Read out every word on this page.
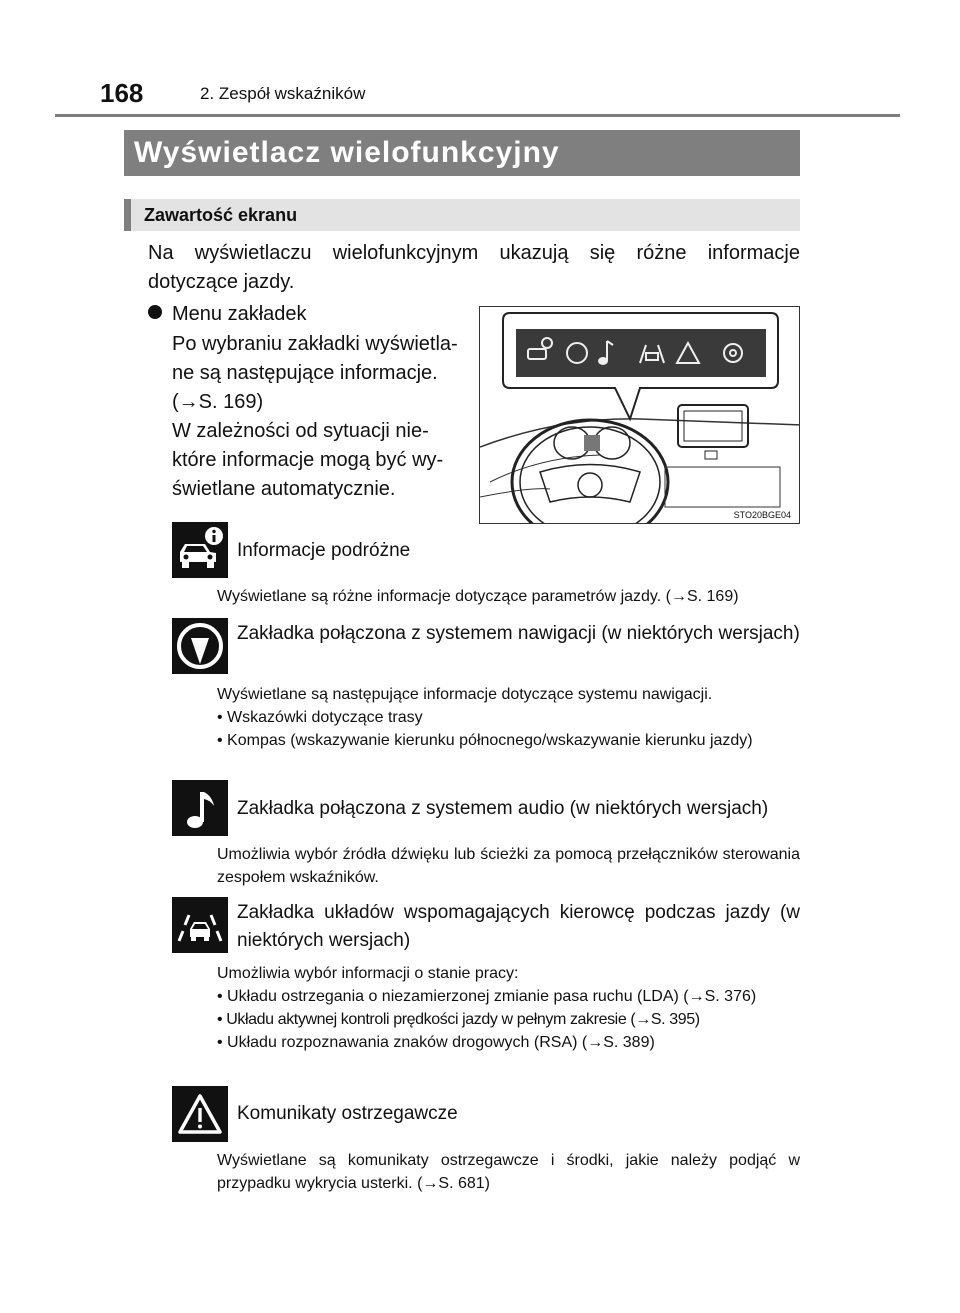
168	2. Zespół wskaźników
Wyświetlacz wielofunkcyjny
Zawartość ekranu
Na wyświetlaczu wielofunkcyjnym ukazują się różne informacje dotyczące jazdy.
Menu zakładek
Po wybraniu zakładki wyświetla-
ne są następujące informacje.
(→S. 169)
W zależności od sytuacji nie-
które informacje mogą być wy-
świetlane automatycznie.
STO20BGE04
Informacje podróżne
Wyświetlane są różne informacje dotyczące parametrów jazdy. (→S. 169)
Zakładka połączona z systemem nawigacji (w niektórych wersjach)
Wyświetlane są następujące informacje dotyczące systemu nawigacji.
• Wskazówki dotyczące trasy
• Kompas (wskazywanie kierunku północnego/wskazywanie kierunku jazdy)
Zakładka połączona z systemem audio (w niektórych wersjach)
Umożliwia wybór źródła dźwięku lub ścieżki za pomocą przełączników sterowania zespołem wskaźników.
Zakładka układów wspomagających kierowcę podczas jazdy (w niektórych wersjach)
Umożliwia wybór informacji o stanie pracy:
• Układu ostrzegania o niezamierzonej zmianie pasa ruchu (LDA) (→S. 376)
• Układu aktywnej kontroli prędkości jazdy w pełnym zakresie (→S. 395)
• Układu rozpoznawania znaków drogowych (RSA) (→S. 389)
Komunikaty ostrzegawcze
Wyświetlane są komunikaty ostrzegawcze i środki, jakie należy podjąć w przypadku wykrycia usterki. (→S. 681)
